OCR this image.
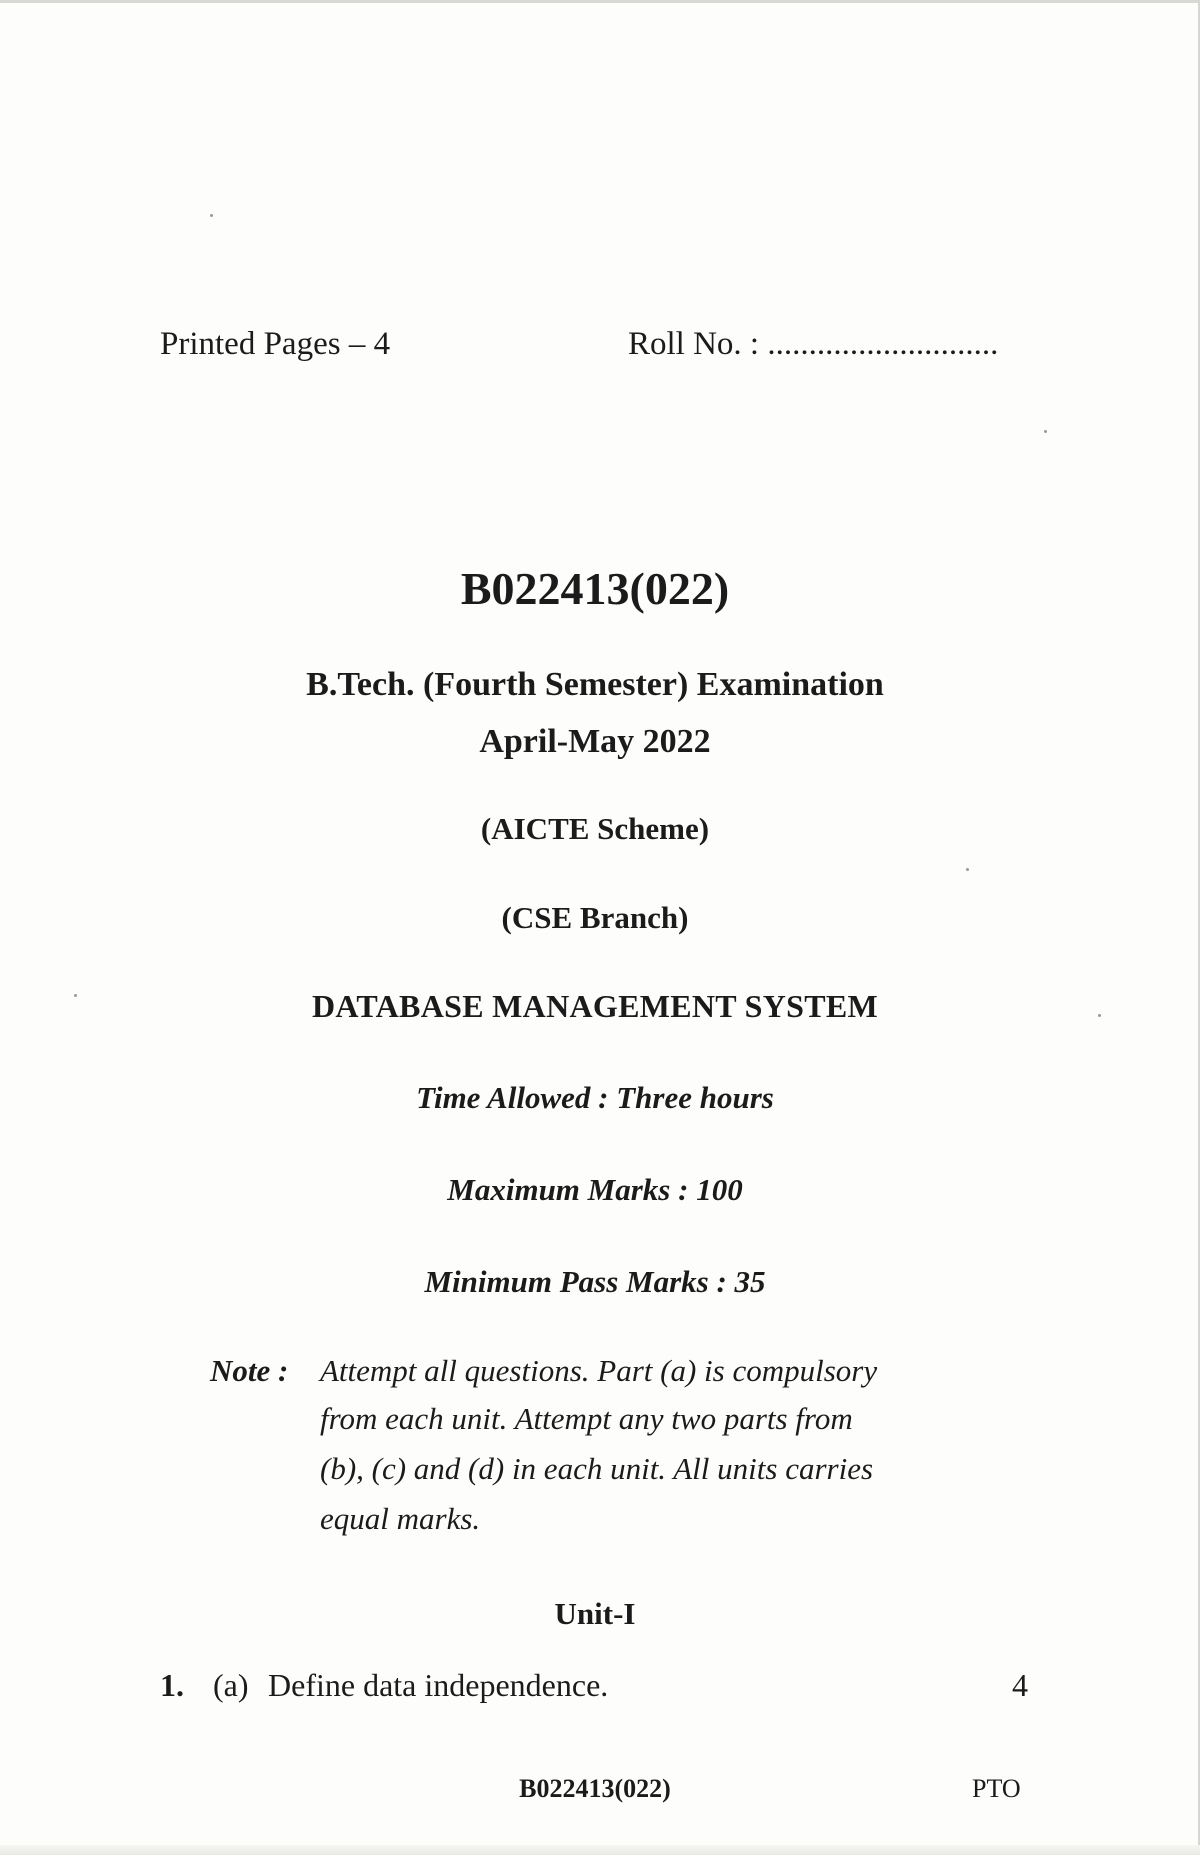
Printed Pages – 4	Roll No. : ............................
B022413(022)
B.Tech. (Fourth Semester) Examination
April-May 2022
(AICTE Scheme)
(CSE Branch)
DATABASE MANAGEMENT SYSTEM
Time Allowed : Three hours
Maximum Marks : 100
Minimum Pass Marks : 35
Note : Attempt all questions. Part (a) is compulsory
from each unit. Attempt any two parts from
(b), (c) and (d) in each unit. All units carries
equal marks.
Unit-I
1. (a) Define data independence.	4
B022413(022)	PTO
